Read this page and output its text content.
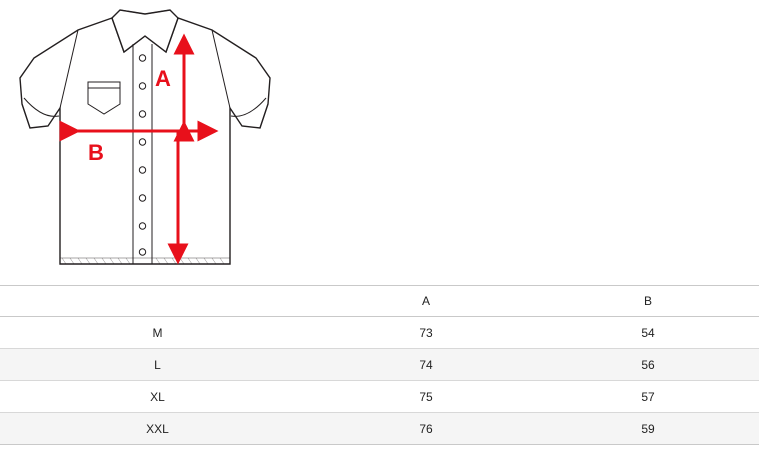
A
B
	A	B
M	73	54
L	74	56
XL	75	57
XXL	76	59
